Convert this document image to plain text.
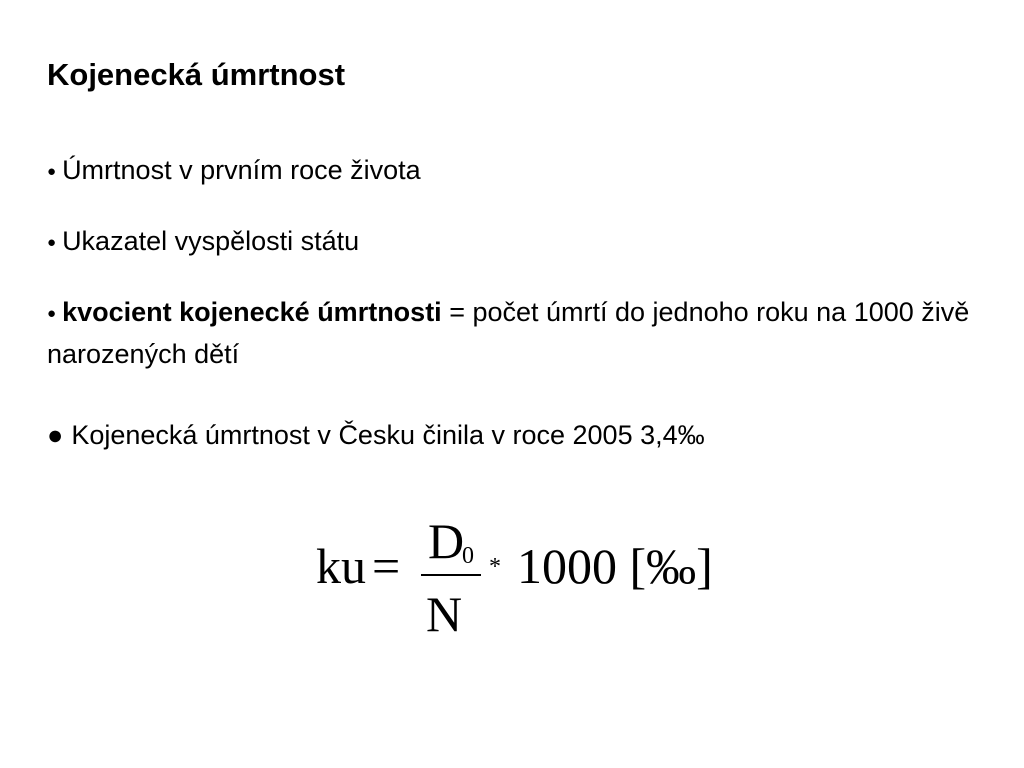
Kojenecká úmrtnost
● Úmrtnost v prvním roce života
● Ukazatel vyspělosti státu
● kvocient kojenecké úmrtnosti = počet úmrtí do jednoho roku na 1000 živě narozených dětí
● Kojenecká úmrtnost v Česku činila v roce 2005 3,4‰
ku = D
0
N
* 1000 [‰]
